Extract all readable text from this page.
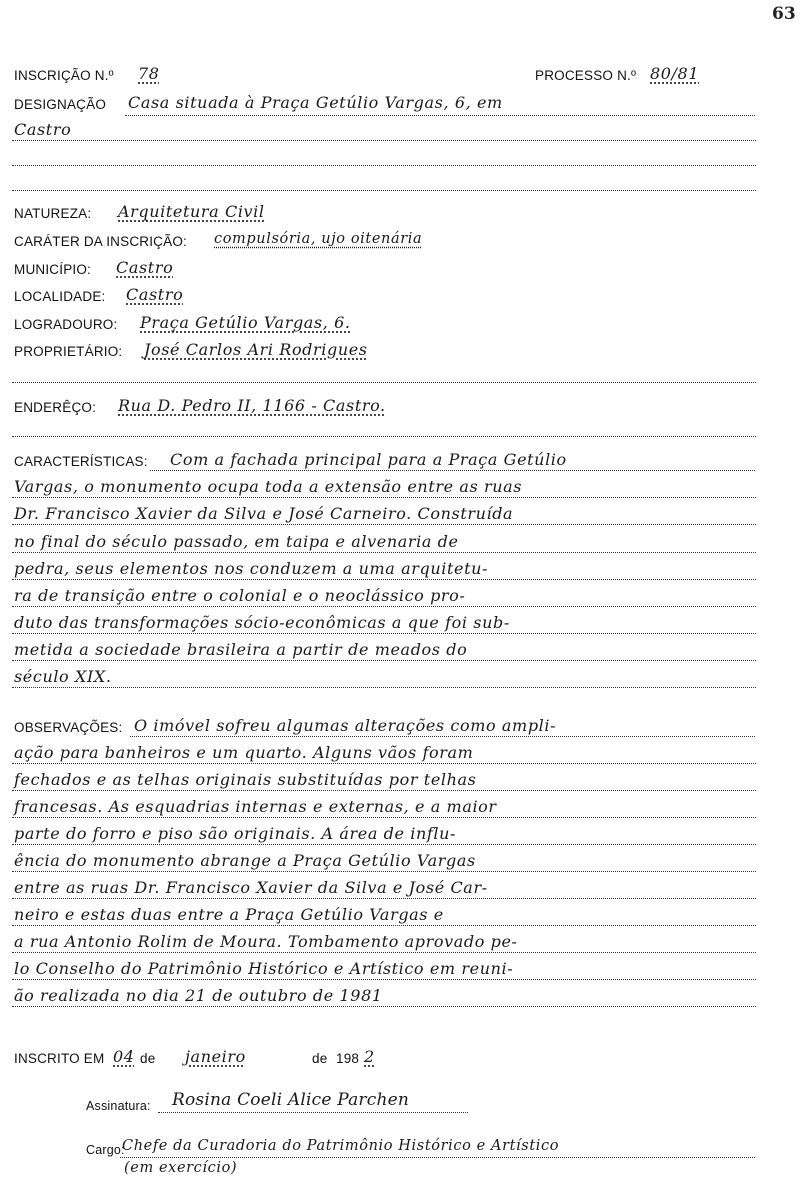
63
INSCRIÇÃO N.º 78	PROCESSO N.º 80/81
DESIGNAÇÃO Casa situada à Praça Getúlio Vargas, 6, em
Castro
NATUREZA: Arquitetura Civil
CARÁTER DA INSCRIÇÃO: compulsória, ujo oitenária
MUNICÍPIO: Castro
LOCALIDADE: Castro
LOGRADOURO: Praça Getúlio Vargas, 6.
PROPRIETÁRIO: José Carlos Ari Rodrigues
ENDERÊÇO: Rua D. Pedro II, 1166 - Castro.
CARACTERÍSTICAS: Com a fachada principal para a Praça Getúlio
Vargas, o monumento ocupa toda a extensão entre as ruas
Dr. Francisco Xavier da Silva e José Carneiro. Construída
no final do século passado, em taipa e alvenaria de
pedra, seus elementos nos conduzem a uma arquitetu-
ra de transição entre o colonial e o neoclássico pro-
duto das transformações sócio-econômicas a que foi sub-
metida a sociedade brasileira a partir de meados do
século XIX.
OBSERVAÇÕES: O imóvel sofreu algumas alterações como ampli-
ação para banheiros e um quarto. Alguns vãos foram
fechados e as telhas originais substituídas por telhas
francesas. As esquadrias internas e externas, e a maior
parte do forro e piso são originais. A área de influ-
ência do monumento abrange a Praça Getúlio Vargas
entre as ruas Dr. Francisco Xavier da Silva e José Car-
neiro e estas duas entre a Praça Getúlio Vargas e
a rua Antonio Rolim de Moura. Tombamento aprovado pe-
lo Conselho do Patrimônio Histórico e Artístico em reuni-
ão realizada no dia 21 de outubro de 1981
INSCRITO EM 04 de janeiro	de 198 2
Assinatura: Rosina Coeli Alice Parchen
Cargo:
Chefe da Curadoria do Patrimônio Histórico e Artístico
(em exercício)
